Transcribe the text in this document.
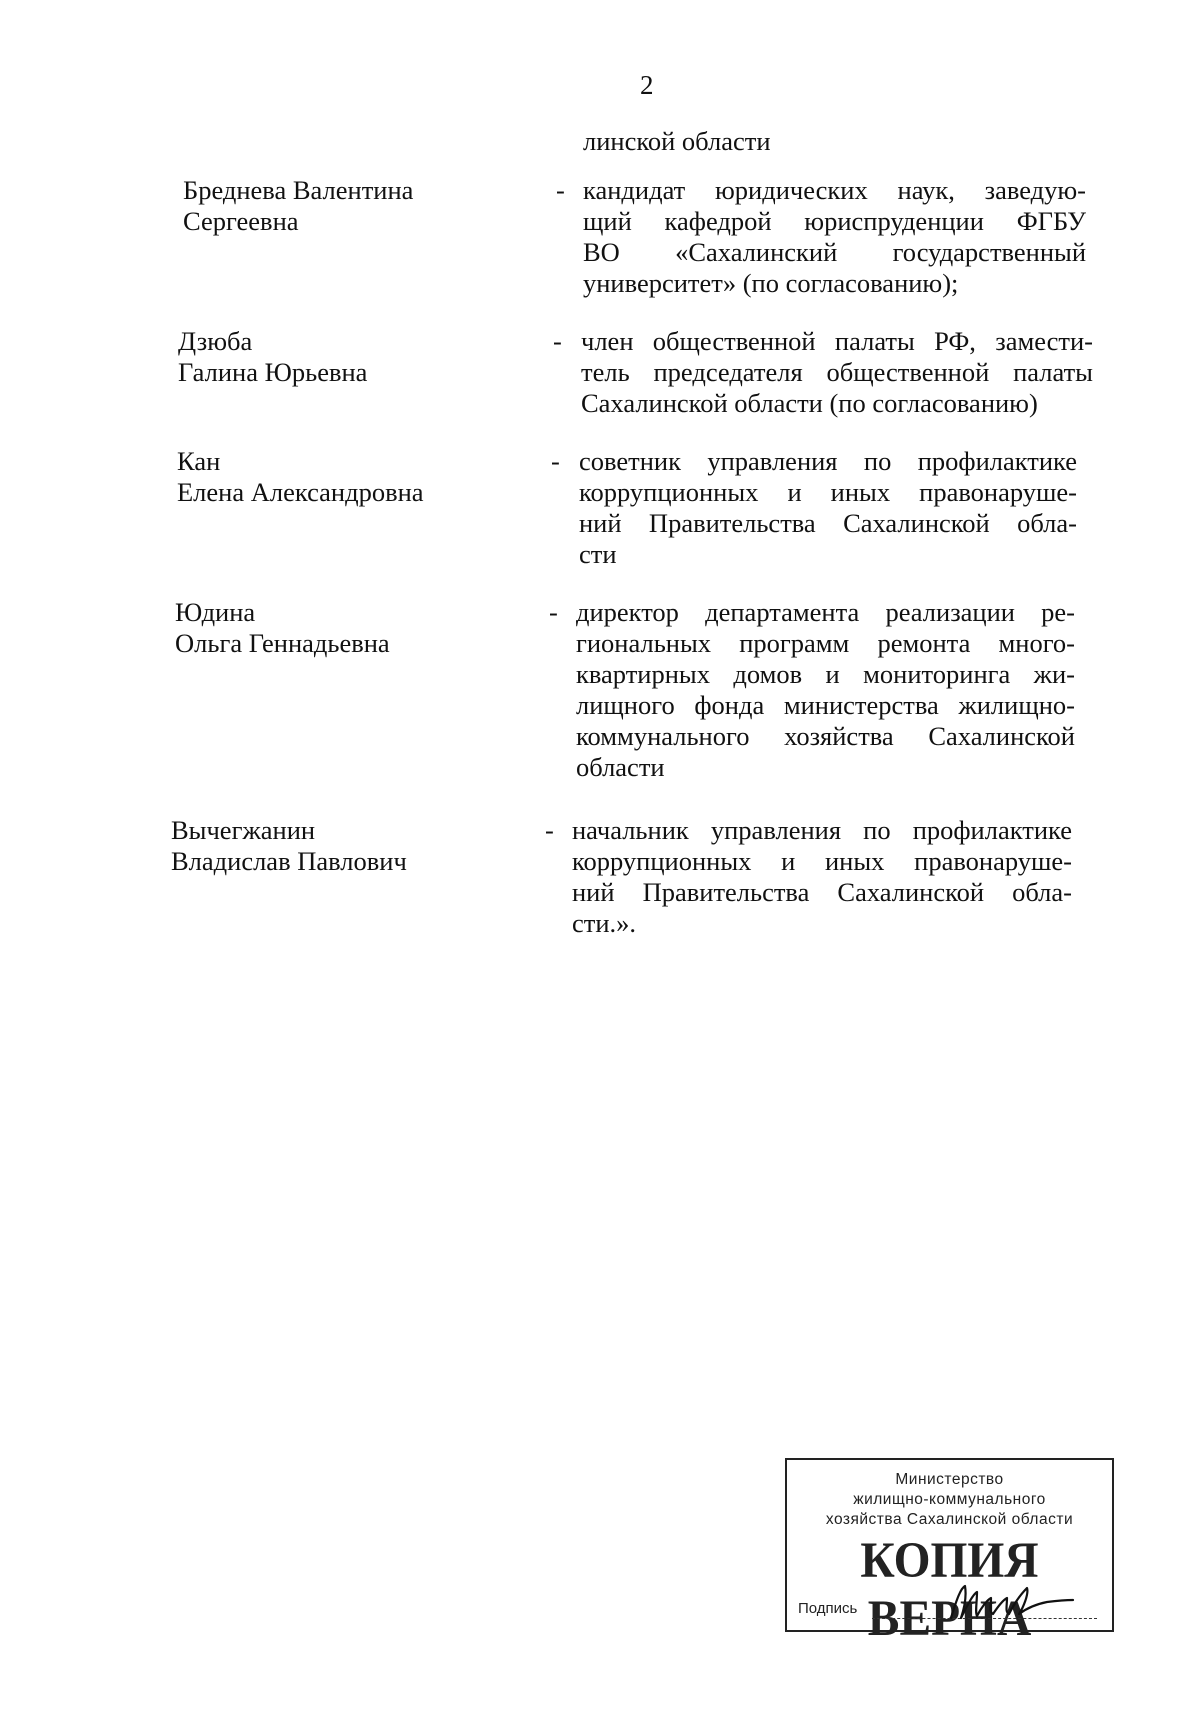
2
линской области
Бреднева Валентина
Сергеевна
- кандидат юридических наук, заведую-
щий кафедрой юриспруденции ФГБУ
ВО «Сахалинский государственный
университет» (по согласованию);
Дзюба
Галина Юрьевна
- член общественной палаты РФ, замести-
тель председателя общественной палаты
Сахалинской области (по согласованию)
Кан
Елена Александровна
- советник управления по профилактике
коррупционных и иных правонаруше-
ний Правительства Сахалинской обла-
сти
Юдина
Ольга Геннадьевна
- директор департамента реализации ре-
гиональных программ ремонта много-
квартирных домов и мониторинга жи-
лищного фонда министерства жилищно-
коммунального хозяйства Сахалинской
области
Вычегжанин
Владислав Павлович
- начальник управления по профилактике
коррупционных и иных правонаруше-
ний Правительства Сахалинской обла-
сти.».
Министерство
жилищно-коммунального
хозяйства Сахалинской области
КОПИЯ ВЕРНА
Подпись
